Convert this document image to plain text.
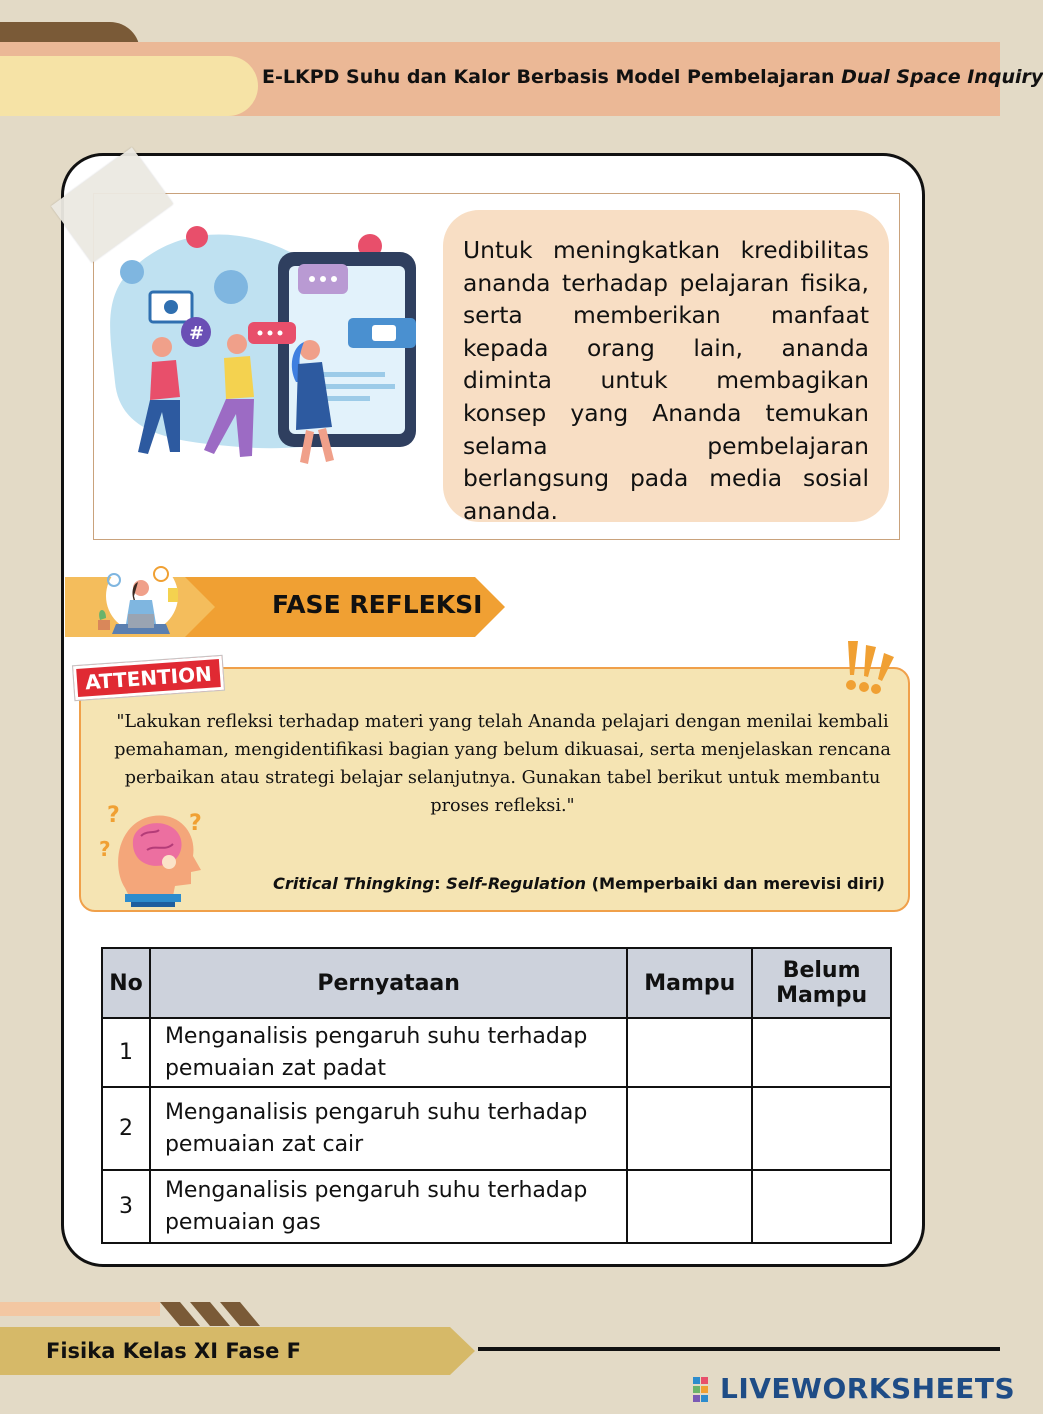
E-LKPD Suhu dan Kalor Berbasis Model Pembelajaran Dual Space Inquiry
#
Untuk meningkatkan kredibilitas ananda terhadap pelajaran fisika, serta memberikan manfaat kepada orang lain, ananda diminta untuk membagikan konsep yang Ananda temukan selama pembelajaran berlangsung pada media sosial ananda.
FASE REFLEKSI
ATTENTION
"Lakukan refleksi terhadap materi yang telah Ananda pelajari dengan menilai kembali pemahaman, mengidentifikasi bagian yang belum dikuasai, serta menjelaskan rencana perbaikan atau strategi belajar selanjutnya. Gunakan tabel berikut untuk membantu proses refleksi."
?	?
?
Critical Thingking: Self-Regulation (Memperbaiki dan merevisi diri)
No	Pernyataan	Mampu	Belum Mampu
1	Menganalisis pengaruh suhu terhadap pemuaian zat padat		
2	Menganalisis pengaruh suhu terhadap pemuaian zat cair		
3	Menganalisis pengaruh suhu terhadap pemuaian gas		
Fisika Kelas XI Fase F
LIVEWORKSHEETS
